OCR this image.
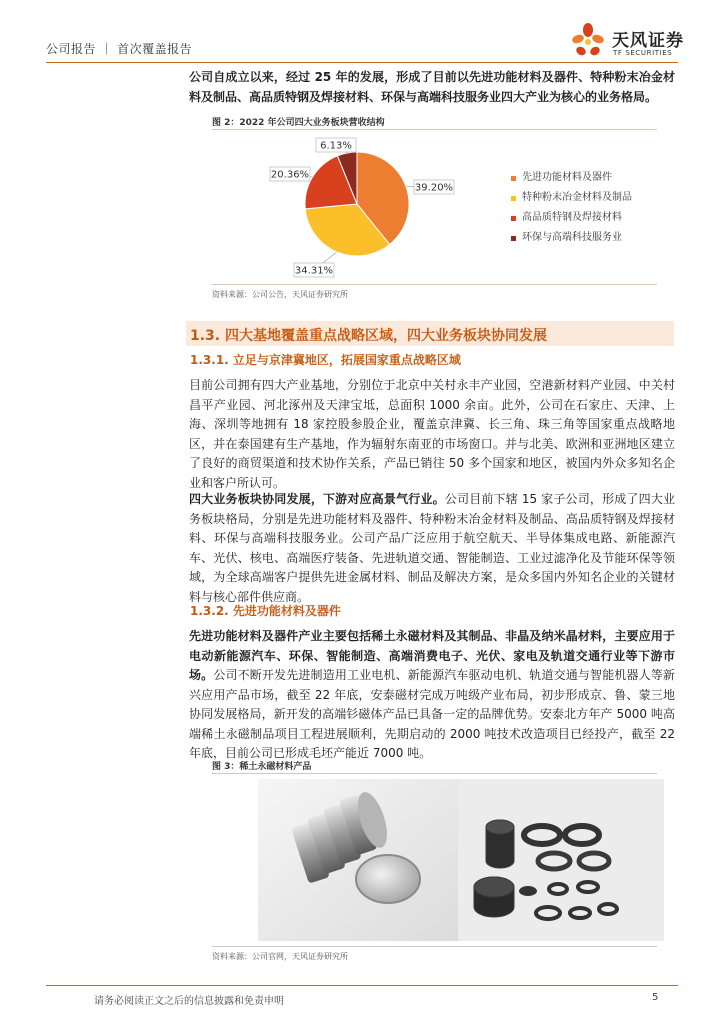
公司报告 ｜ 首次覆盖报告	天风证券
TF SECURITIES
公司自成立以来，经过 25 年的发展，形成了目前以先进功能材料及器件、特种粉末冶金材料及制品、高品质特钢及焊接材料、环保与高端科技服务业四大产业为核心的业务格局。
图 2：2022 年公司四大业务板块营收结构
39.20%
34.31%
20.36%
6.13%
先进功能材料及器件
特种粉末冶金材料及制品
高品质特钢及焊接材料
环保与高端科技服务业
资料来源：公司公告，天风证券研究所
1.3. 四大基地覆盖重点战略区域，四大业务板块协同发展
1.3.1. 立足与京津冀地区，拓展国家重点战略区域
目前公司拥有四大产业基地，分别位于北京中关村永丰产业园，空港新材料产业园、中关村昌平产业园、河北涿州及天津宝坻，总面积 1000 余亩。此外，公司在石家庄、天津、上海、深圳等地拥有 18 家控股参股企业，覆盖京津冀、长三角、珠三角等国家重点战略地区，并在泰国建有生产基地，作为辐射东南亚的市场窗口。并与北美、欧洲和亚洲地区建立了良好的商贸渠道和技术协作关系，产品已销往 50 多个国家和地区，被国内外众多知名企业和客户所认可。
四大业务板块协同发展，下游对应高景气行业。公司目前下辖 15 家子公司，形成了四大业务板块格局，分别是先进功能材料及器件、特种粉末冶金材料及制品、高品质特钢及焊接材料、环保与高端科技服务业。公司产品广泛应用于航空航天、半导体集成电路、新能源汽车、光伏、核电、高端医疗装备、先进轨道交通、智能制造、工业过滤净化及节能环保等领域，为全球高端客户提供先进金属材料、制品及解决方案，是众多国内外知名企业的关键材料与核心部件供应商。
1.3.2. 先进功能材料及器件
先进功能材料及器件产业主要包括稀土永磁材料及其制品、非晶及纳米晶材料，主要应用于电动新能源汽车、环保、智能制造、高端消费电子、光伏、家电及轨道交通行业等下游市场。公司不断开发先进制造用工业电机、新能源汽车驱动电机、轨道交通与智能机器人等新兴应用产品市场，截至 22 年底，安泰磁材完成万吨级产业布局，初步形成京、鲁、蒙三地协同发展格局，新开发的高端钐磁体产品已具备一定的品牌优势。安泰北方年产 5000 吨高端稀土永磁制品项目工程进展顺利，先期启动的 2000 吨技术改造项目已经投产，截至 22 年底，目前公司已形成毛坯产能近 7000 吨。
图 3：稀土永磁材料产品
资料来源：公司官网，天风证券研究所
请务必阅读正文之后的信息披露和免责申明	5
